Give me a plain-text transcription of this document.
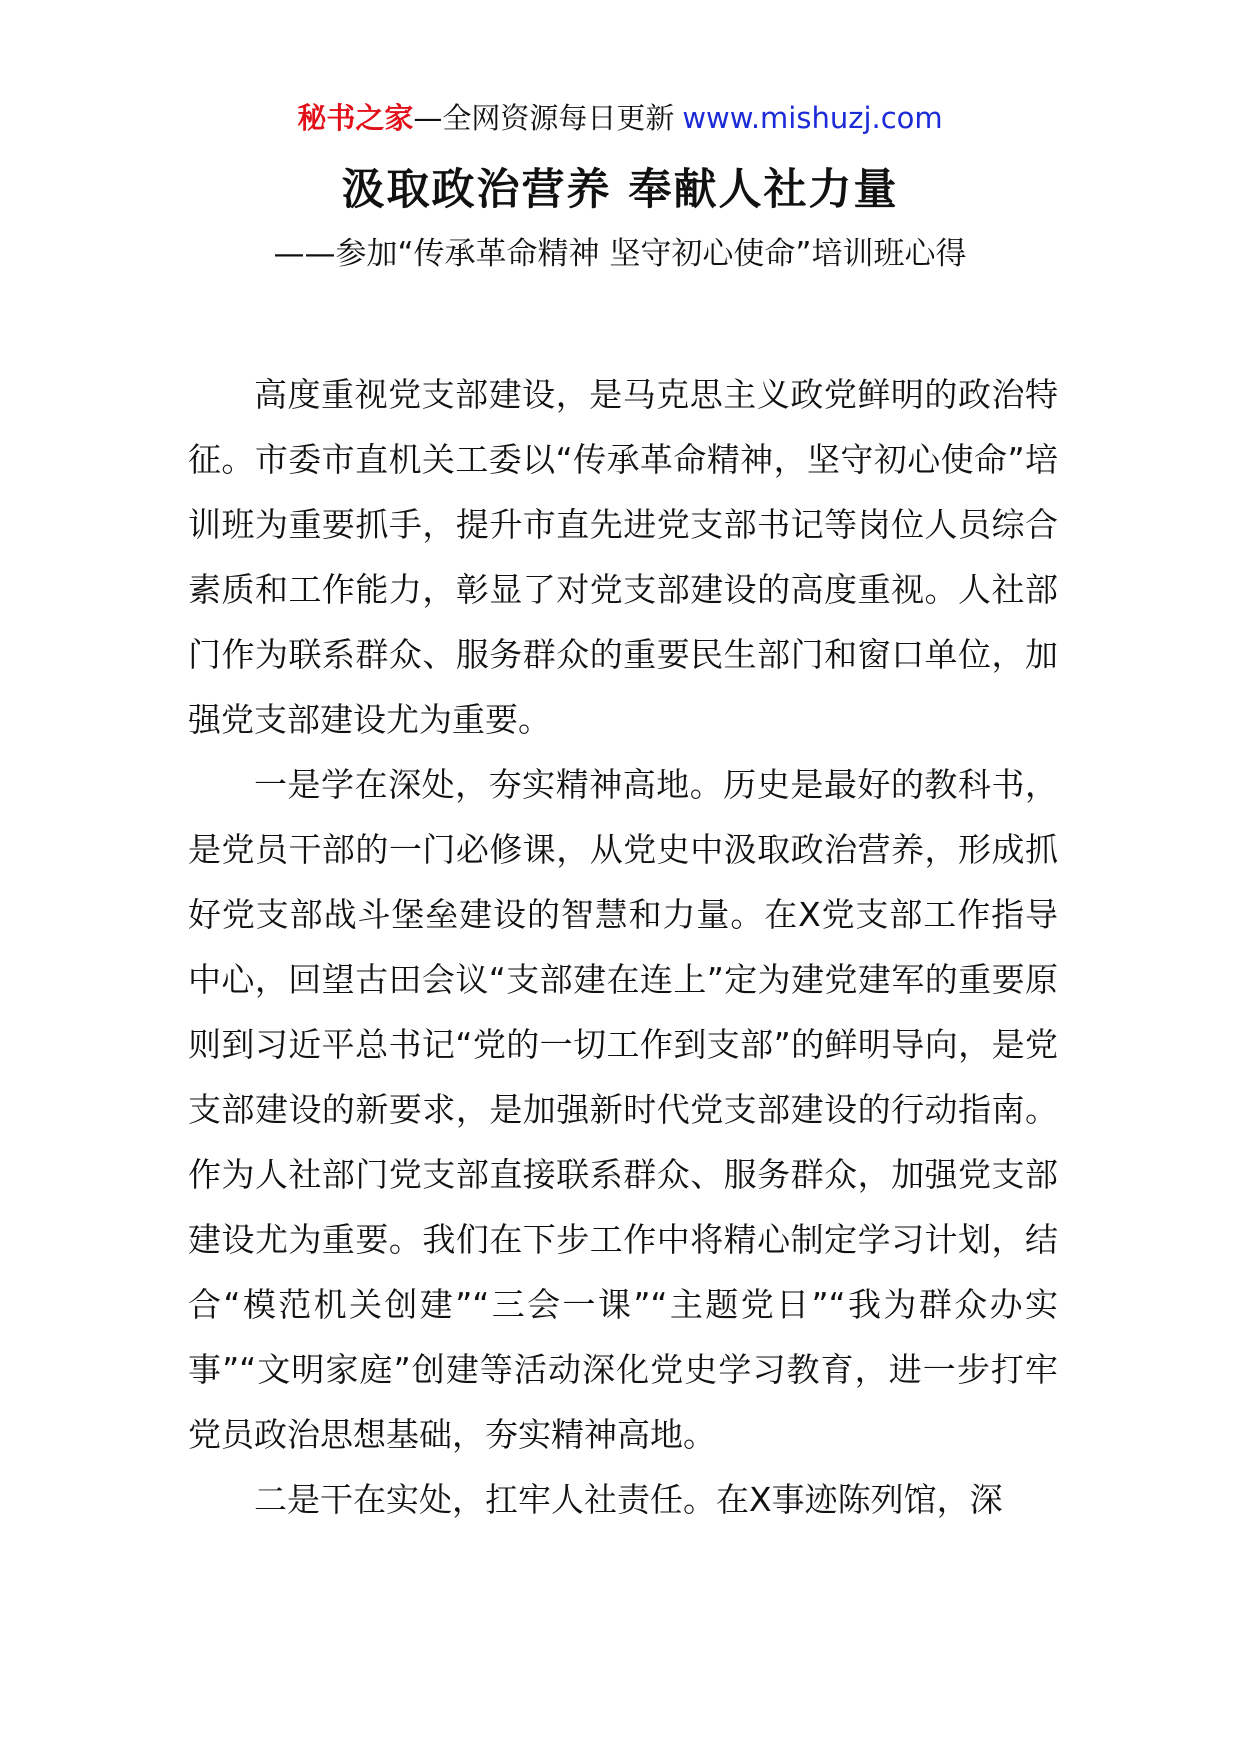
秘书之家—全网资源每日更新 www.mishuzj.com
汲取政治营养 奉献人社力量
——参加“传承革命精神 坚守初心使命”培训班心得

高度重视党支部建设，是马克思主义政党鲜明的政治特征。市委市直机关工委以“传承革命精神，坚守初心使命”培训班为重要抓手，提升市直先进党支部书记等岗位人员综合素质和工作能力，彰显了对党支部建设的高度重视。人社部门作为联系群众、服务群众的重要民生部门和窗口单位，加强党支部建设尤为重要。

一是学在深处，夯实精神高地。历史是最好的教科书，是党员干部的一门必修课，从党史中汲取政治营养，形成抓好党支部战斗堡垒建设的智慧和力量。在X党支部工作指导中心，回望古田会议“支部建在连上”定为建党建军的重要原则到习近平总书记“党的一切工作到支部”的鲜明导向，是党支部建设的新要求，是加强新时代党支部建设的行动指南。作为人社部门党支部直接联系群众、服务群众，加强党支部建设尤为重要。我们在下步工作中将精心制定学习计划，结合“模范机关创建”“三会一课”“主题党日”“我为群众办实事”“文明家庭”创建等活动深化党史学习教育，进一步打牢党员政治思想基础，夯实精神高地。

二是干在实处，扛牢人社责任。在X事迹陈列馆，深
